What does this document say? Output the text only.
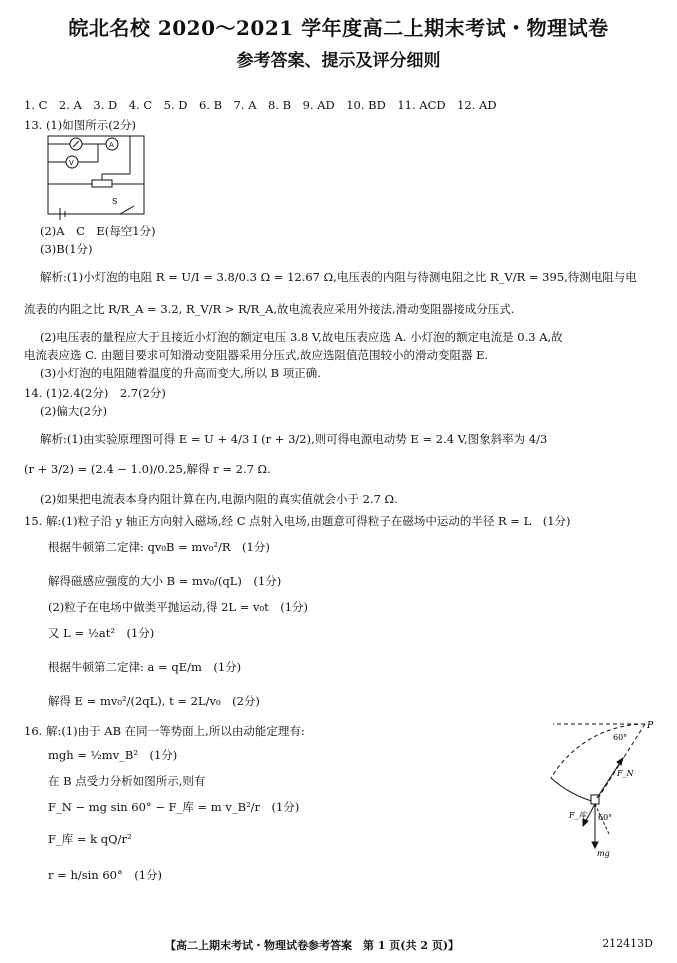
皖北名校 2020～2021 学年度高二上期末考试・物理试卷
参考答案、提示及评分细则
1. C　2. A　3. D　4. C　5. D　6. B　7. A　8. B　9. AD　10. BD　11. ACD　12. AD
13. (1)如图所示(2分)
A
V
S
(2)A　C　E(每空1分)
(3)B(1分)
解析:(1)小灯泡的电阻 R = U/I = 3.8/0.3 Ω = 12.67 Ω,电压表的内阻与待测电阻之比 R_V/R = 395,待测电阻与电
流表的内阻之比 R/R_A = 3.2, R_V/R > R/R_A,故电流表应采用外接法,滑动变阻器接成分压式.
(2)电压表的量程应大于且接近小灯泡的额定电压 3.8 V,故电压表应选 A. 小灯泡的额定电流是 0.3 A,故
电流表应选 C. 由题目要求可知滑动变阻器采用分压式,故应选阻值范围较小的滑动变阻器 E.
(3)小灯泡的电阻随着温度的升高而变大,所以 B 项正确.
14. (1)2.4(2分)　2.7(2分)
(2)偏大(2分)
解析:(1)由实验原理图可得 E = U + 4/3 I (r + 3/2),则可得电源电动势 E = 2.4 V,图象斜率为 4/3
(r + 3/2) = (2.4 − 1.0)/0.25,解得 r = 2.7 Ω.
(2)如果把电流表本身内阻计算在内,电源内阻的真实值就会小于 2.7 Ω.
15. 解:(1)粒子沿 y 轴正方向射入磁场,经 C 点射入电场,由题意可得粒子在磁场中运动的半径 R = L　(1分)
根据牛顿第二定律: qv₀B = mv₀²/R　(1分)
解得磁感应强度的大小 B = mv₀/(qL)　(1分)
(2)粒子在电场中做类平抛运动,得 2L = v₀t　(1分)
又 L = ½at²　(1分)
根据牛顿第二定律: a = qE/m　(1分)
解得 E = mv₀²/(2qL), t = 2L/v₀　(2分)
16. 解:(1)由于 AB 在同一等势面上,所以由动能定理有:
mgh = ½mv_B²　(1分)
在 B 点受力分析如图所示,则有
F_N − mg sin 60° − F_库 = m v_B²/r　(1分)
F_库 = k qQ/r²
r = h/sin 60°　(1分)
P
60°
F_N
F_库 60°
mg
【高二上期末考试・物理试卷参考答案　第 1 页(共 2 页)】	212413D
